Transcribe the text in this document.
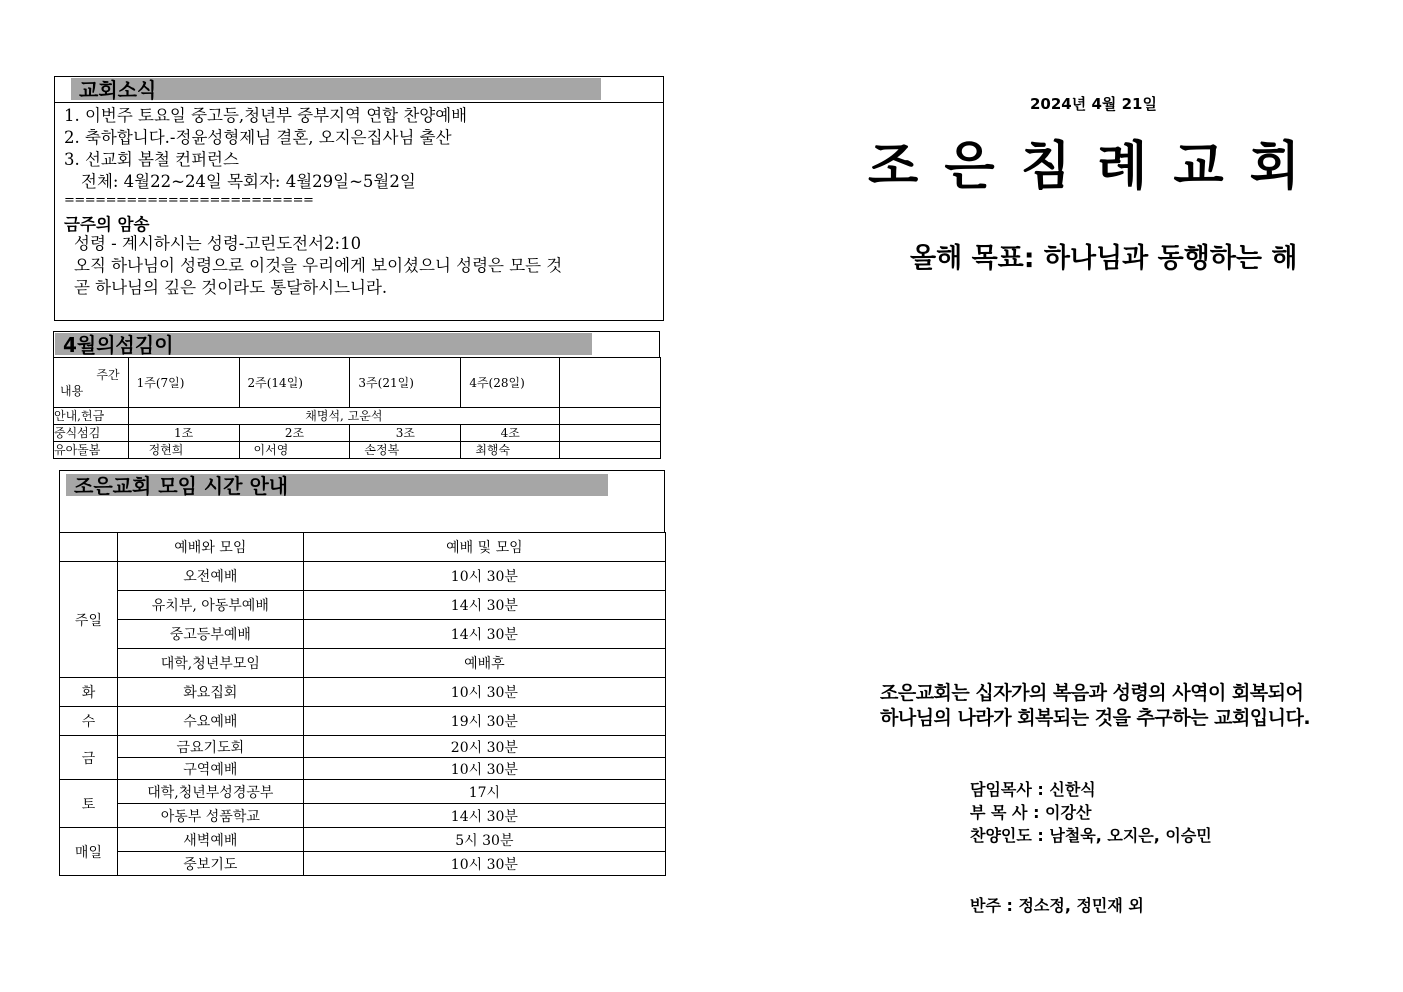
교회소식
1. 이번주 토요일 중고등,청년부 중부지역 연합 찬양예배
2. 축하합니다.-정윤성형제님 결혼, 오지은집사님 출산
3. 선교회 봄철 컨퍼런스
전체: 4월22~24일 목회자: 4월29일~5월2일
========================
금주의 암송
성령 - 계시하시는 성령-고린도전서2:10
오직 하나님이 성령으로 이것을 우리에게 보이셨으니 성령은 모든 것
곧 하나님의 깊은 것이라도 통달하시느니라.
4월의섬김이
주간
내용	1주(7일)	2주(14일)	3주(21일)	4주(28일)	
안내,헌금	채명석, 고운석				
중식섬김	1조	2조	3조	4조	
유아돌봄	정현희	이서영	손정복	최행숙	
조은교회 모임 시간 안내
	예배와 모임	예배 및 모임
주일	오전예배	10시 30분
	유치부, 아동부예배	14시 30분
	중고등부예배	14시 30분
	대학,청년부모임	예배후
화	화요집회	10시 30분
수	수요예배	19시 30분
금	금요기도회	20시 30분
	구역예배	10시 30분
토	대학,청년부성경공부	17시
	아동부 성품학교	14시 30분
매일	새벽예배	5시 30분
	중보기도	10시 30분
2024년 4월 21일
조 은 침 례 교 회
올해 목표: 하나님과 동행하는 해
조은교회는 십자가의 복음과 성령의 사역이 회복되어
하나님의 나라가 회복되는 것을 추구하는 교회입니다.
담임목사 : 신한식
부 목 사 : 이강산
찬양인도 : 남철욱, 오지은, 이승민
반주 : 정소정, 정민재 외
